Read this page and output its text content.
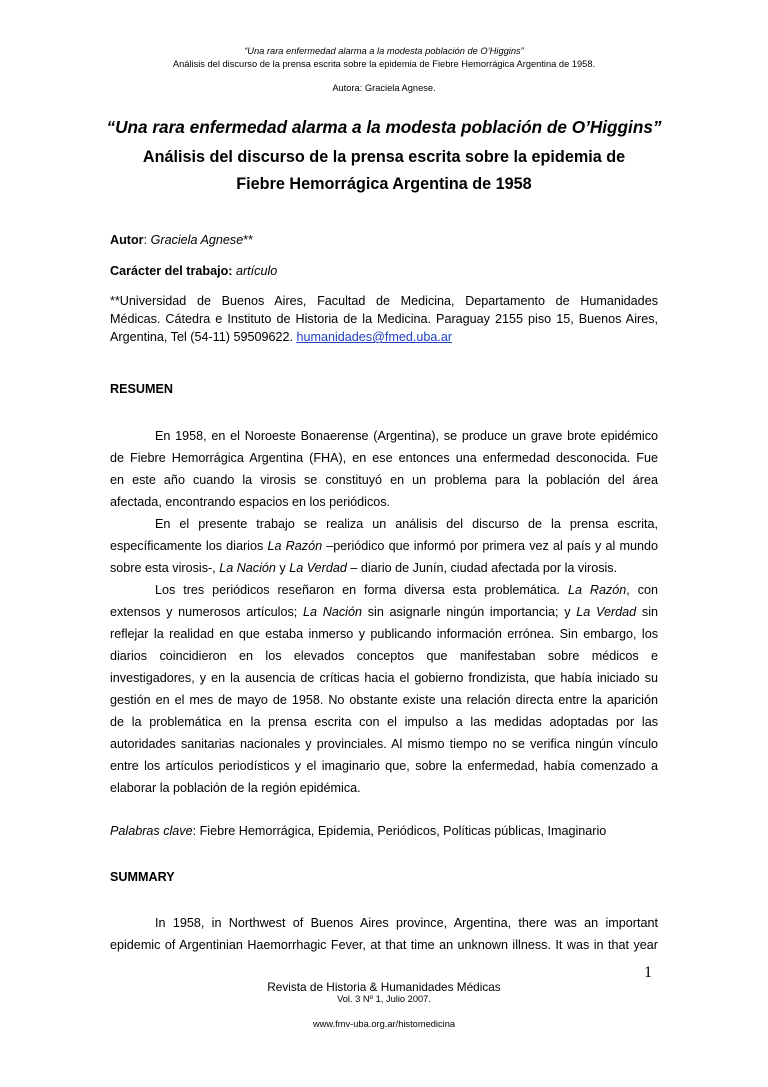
“Una rara enfermedad alarma a la modesta población de O’Higgins”
Análisis del discurso de la prensa escrita sobre la epidemia de Fiebre Hemorrágica Argentina de 1958.
Autora: Graciela Agnese.
“Una rara enfermedad alarma a la modesta población de O’Higgins”
Análisis del discurso de la prensa escrita sobre la epidemia de
Fiebre Hemorrágica Argentina de 1958
Autor: Graciela Agnese**
Carácter del trabajo: artículo
**Universidad de Buenos Aires, Facultad de Medicina, Departamento de Humanidades
Médicas. Cátedra e Instituto de Historia de la Medicina. Paraguay 2155 piso 15, Buenos Aires,
Argentina, Tel (54-11) 59509622. humanidades@fmed.uba.ar
RESUMEN
En 1958, en el Noroeste Bonaerense (Argentina), se produce un grave brote epidémico
de Fiebre Hemorrágica Argentina (FHA), en ese entonces una enfermedad desconocida. Fue
en este año cuando la virosis se constituyó en un problema para la población del área
afectada, encontrando espacios en los periódicos.
En el presente trabajo se realiza un análisis del discurso de la prensa escrita,
específicamente los diarios La Razón –periódico que informó por primera vez al país y al mundo
sobre esta virosis-, La Nación y La Verdad – diario de Junín, ciudad afectada por la virosis.
Los tres periódicos reseñaron en forma diversa esta problemática. La Razón, con
extensos y numerosos artículos; La Nación sin asignarle ningún importancia; y La Verdad sin
reflejar la realidad en que estaba inmerso y publicando información errónea. Sin embargo, los
diarios coincidieron en los elevados conceptos que manifestaban sobre médicos e
investigadores, y en la ausencia de críticas hacia el gobierno frondizista, que había iniciado su
gestión en el mes de mayo de 1958. No obstante existe una relación directa entre la aparición
de la problemática en la prensa escrita con el impulso a las medidas adoptadas por las
autoridades sanitarias nacionales y provinciales. Al mismo tiempo no se verifica ningún vínculo
entre los artículos periodísticos y el imaginario que, sobre la enfermedad, había comenzado a
elaborar la población de la región epidémica.
Palabras clave: Fiebre Hemorrágica, Epidemia, Periódicos, Políticas públicas, Imaginario
SUMMARY
In 1958, in Northwest of Buenos Aires province, Argentina, there was an important
epidemic of Argentinian Haemorrhagic Fever, at that time an unknown illness. It was in that year
1
Revista de Historia & Humanidades Médicas
Vol. 3 Nº 1, Julio 2007.
www.fmv-uba.org.ar/histomedicina
